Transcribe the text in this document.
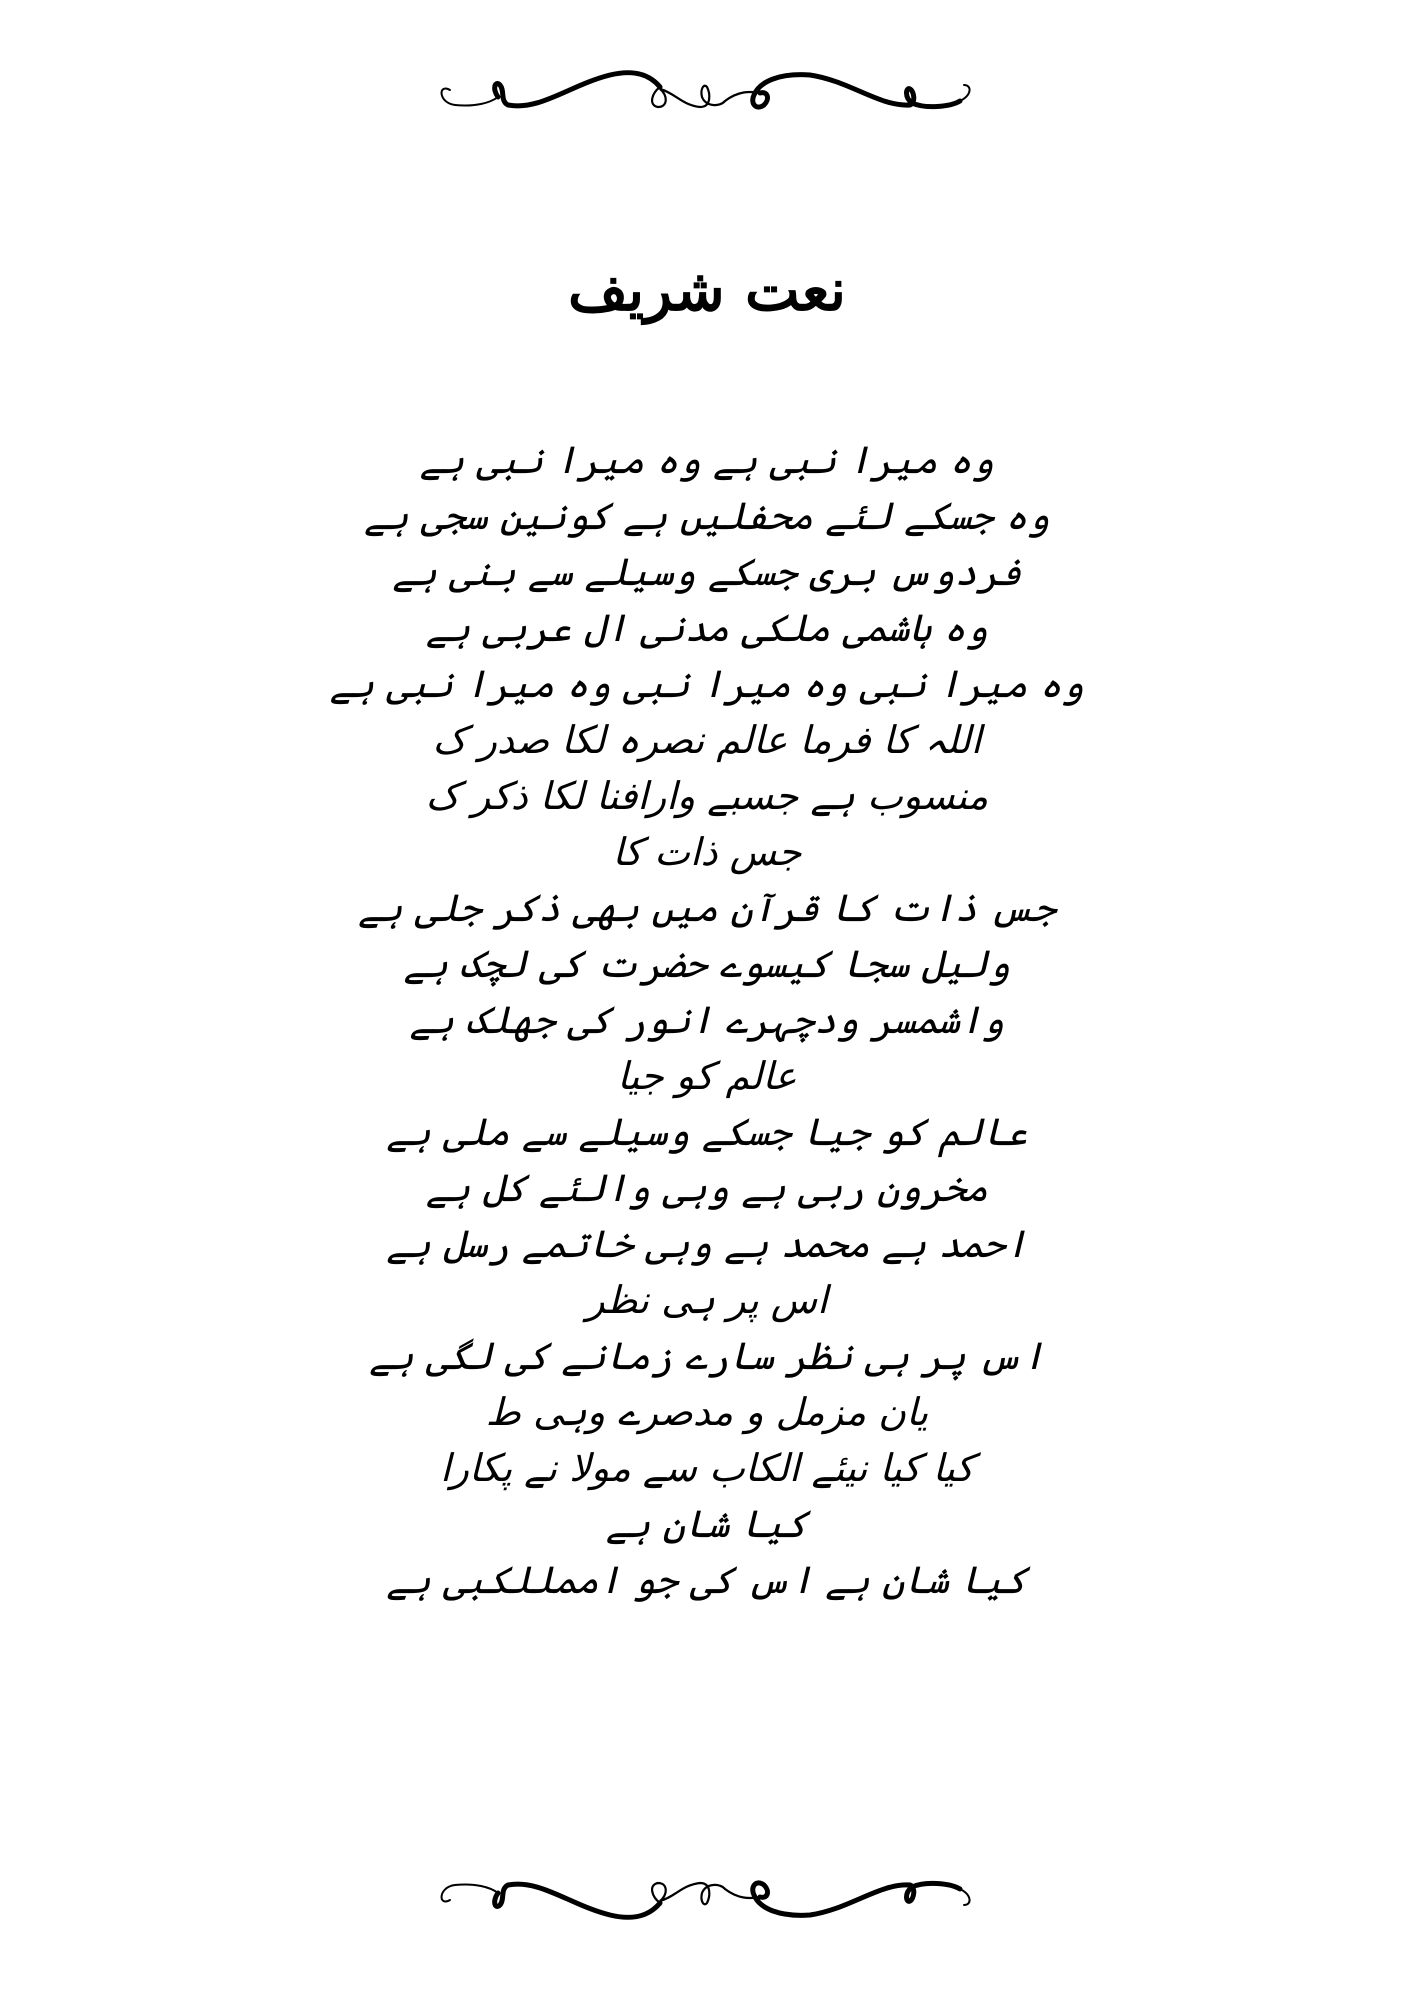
نعت شریف
وہ میرا نبی ہے وہ میرا نبی ہے
وہ جسکے لئے محفلیں ہے کونین سجی ہے
فردوس بری جسکے وسیلے سے بنی ہے
وہ ہاشمی ملکی مدنی ال عربی ہے
وہ میرا نبی وہ میرا نبی وہ میرا نبی ہے
اللہ کا فرما عالم نصرہ لکا صدر ک
منسوب ہے جسبے وارافنا لکا ذکر ک
جس ذات کا
جس ذات کا قرآن میں بھی ذکر جلی ہے
ولیل سجا کیسوے حضرت کی لچک ہے
واشمسر ودچہرے انور کی جھلک ہے
عالم کو جیا
عالم کو جیا جسکے وسیلے سے ملی ہے
مخرون ربی ہے وہی والئے کل ہے
احمد ہے محمد ہے وہی خاتمے رسل ہے
اس پر ہی نظر
اس پر ہی نظر سارے زمانے کی لگی ہے
یان مزمل و مدصرے وہی ط
کیا کیا نیئے الکاب سے مولا نے پکارا
کیا شان ہے
کیا شان ہے اس کی جو اممللکبی ہے
